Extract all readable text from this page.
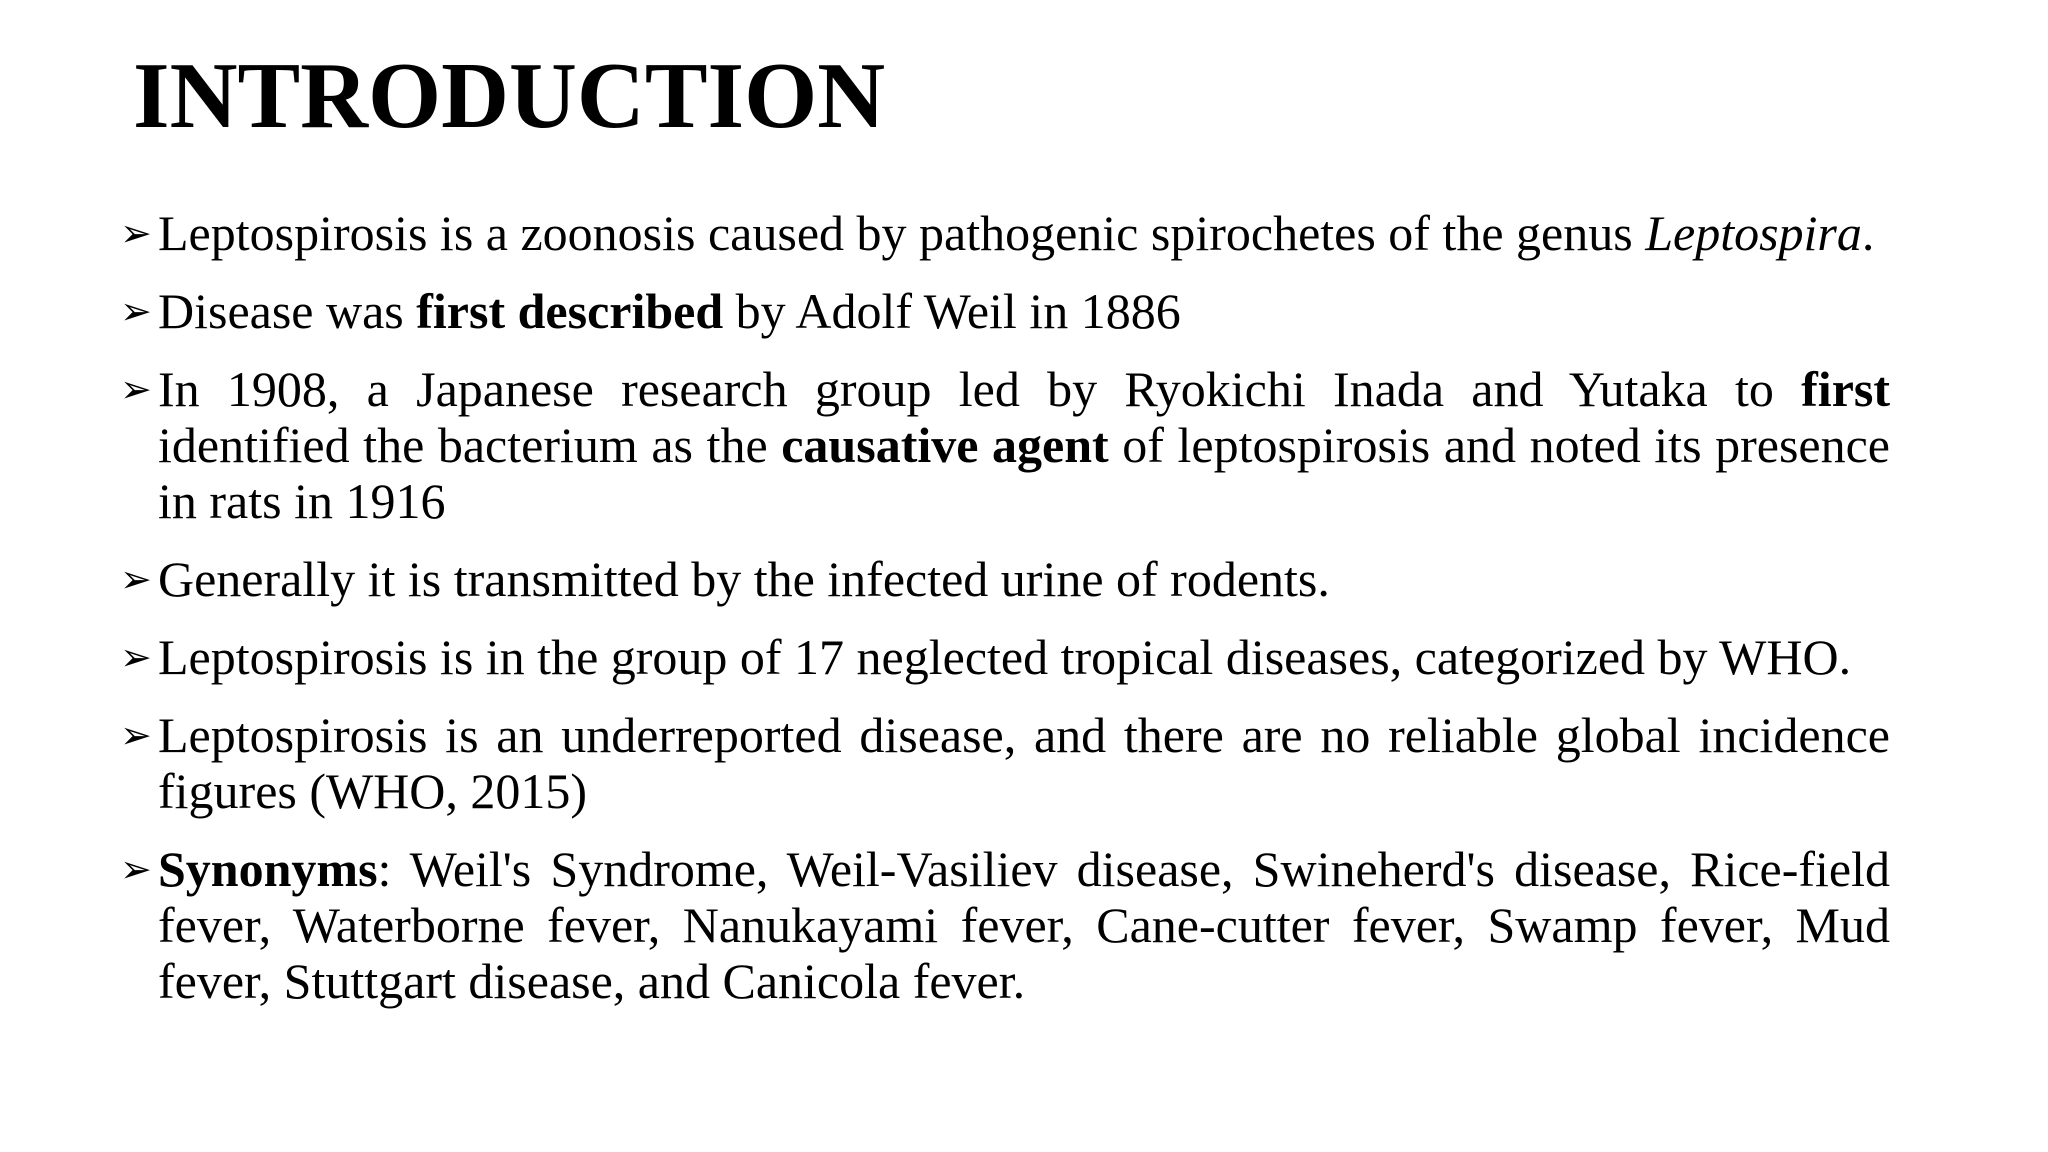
INTRODUCTION
➢ Leptospirosis is a zoonosis caused by pathogenic spirochetes of the genus Leptospira.
➢ Disease was first described by Adolf Weil in 1886
➢ In 1908, a Japanese research group led by Ryokichi Inada and Yutaka to first identified the bacterium as the causative agent of leptospirosis and noted its presence in rats in 1916
➢ Generally it is transmitted by the infected urine of rodents.
➢ Leptospirosis is in the group of 17 neglected tropical diseases, categorized by WHO.
➢ Leptospirosis is an underreported disease, and there are no reliable global incidence figures (WHO, 2015)
➢ Synonyms: Weil's Syndrome, Weil-Vasiliev disease, Swineherd's disease, Rice-field fever, Waterborne fever, Nanukayami fever, Cane-cutter fever, Swamp fever, Mud fever, Stuttgart disease, and Canicola fever.
